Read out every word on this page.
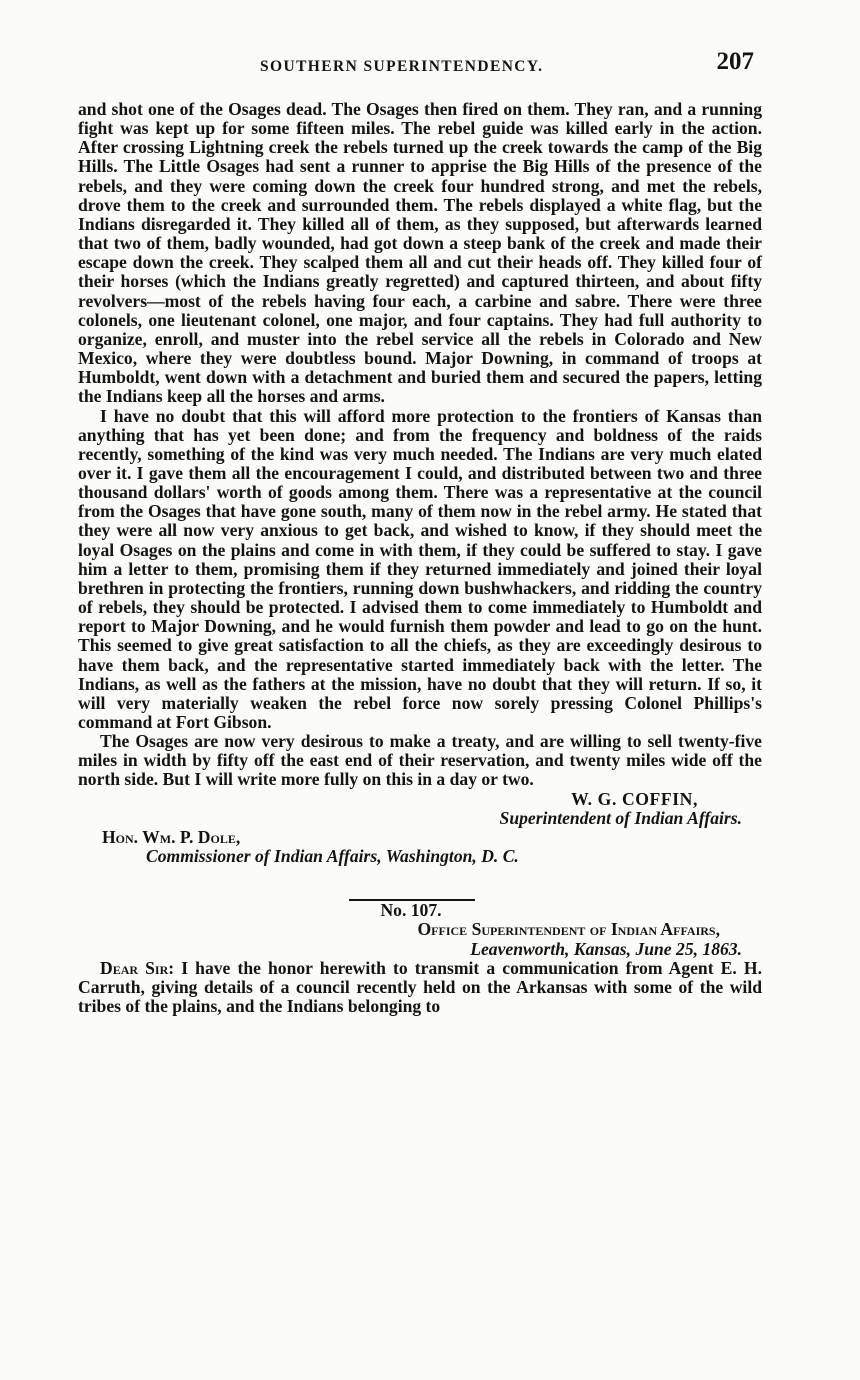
SOUTHERN SUPERINTENDENCY.	207

and shot one of the Osages dead. The Osages then fired on them. They ran, and a running fight was kept up for some fifteen miles. The rebel guide was killed early in the action. After crossing Lightning creek the rebels turned up the creek towards the camp of the Big Hills. The Little Osages had sent a runner to apprise the Big Hills of the presence of the rebels, and they were coming down the creek four hundred strong, and met the rebels, drove them to the creek and surrounded them. The rebels displayed a white flag, but the Indians disregarded it. They killed all of them, as they supposed, but afterwards learned that two of them, badly wounded, had got down a steep bank of the creek and made their escape down the creek. They scalped them all and cut their heads off. They killed four of their horses (which the Indians greatly regretted) and captured thirteen, and about fifty revolvers—most of the rebels having four each, a carbine and sabre. There were three colonels, one lieutenant colonel, one major, and four captains. They had full authority to organize, enroll, and muster into the rebel service all the rebels in Colorado and New Mexico, where they were doubtless bound. Major Downing, in command of troops at Humboldt, went down with a detachment and buried them and secured the papers, letting the Indians keep all the horses and arms.

I have no doubt that this will afford more protection to the frontiers of Kansas than anything that has yet been done; and from the frequency and boldness of the raids recently, something of the kind was very much needed. The Indians are very much elated over it. I gave them all the encouragement I could, and distributed between two and three thousand dollars' worth of goods among them. There was a representative at the council from the Osages that have gone south, many of them now in the rebel army. He stated that they were all now very anxious to get back, and wished to know, if they should meet the loyal Osages on the plains and come in with them, if they could be suffered to stay. I gave him a letter to them, promising them if they returned immediately and joined their loyal brethren in protecting the frontiers, running down bushwhackers, and ridding the country of rebels, they should be protected. I advised them to come immediately to Humboldt and report to Major Downing, and he would furnish them powder and lead to go on the hunt. This seemed to give great satisfaction to all the chiefs, as they are exceedingly desirous to have them back, and the representative started immediately back with the letter. The Indians, as well as the fathers at the mission, have no doubt that they will return. If so, it will very materially weaken the rebel force now sorely pressing Colonel Phillips's command at Fort Gibson.

The Osages are now very desirous to make a treaty, and are willing to sell twenty-five miles in width by fifty off the east end of their reservation, and twenty miles wide off the north side. But I will write more fully on this in a day or two.

W. G. COFFIN,

Superintendent of Indian Affairs.

Hon. Wm. P. Dole,

Commissioner of Indian Affairs, Washington, D. C.

No. 107.

Office Superintendent of Indian Affairs,

Leavenworth, Kansas, June 25, 1863.

Dear Sir: I have the honor herewith to transmit a communication from Agent E. H. Carruth, giving details of a council recently held on the Arkansas with some of the wild tribes of the plains, and the Indians belonging to
